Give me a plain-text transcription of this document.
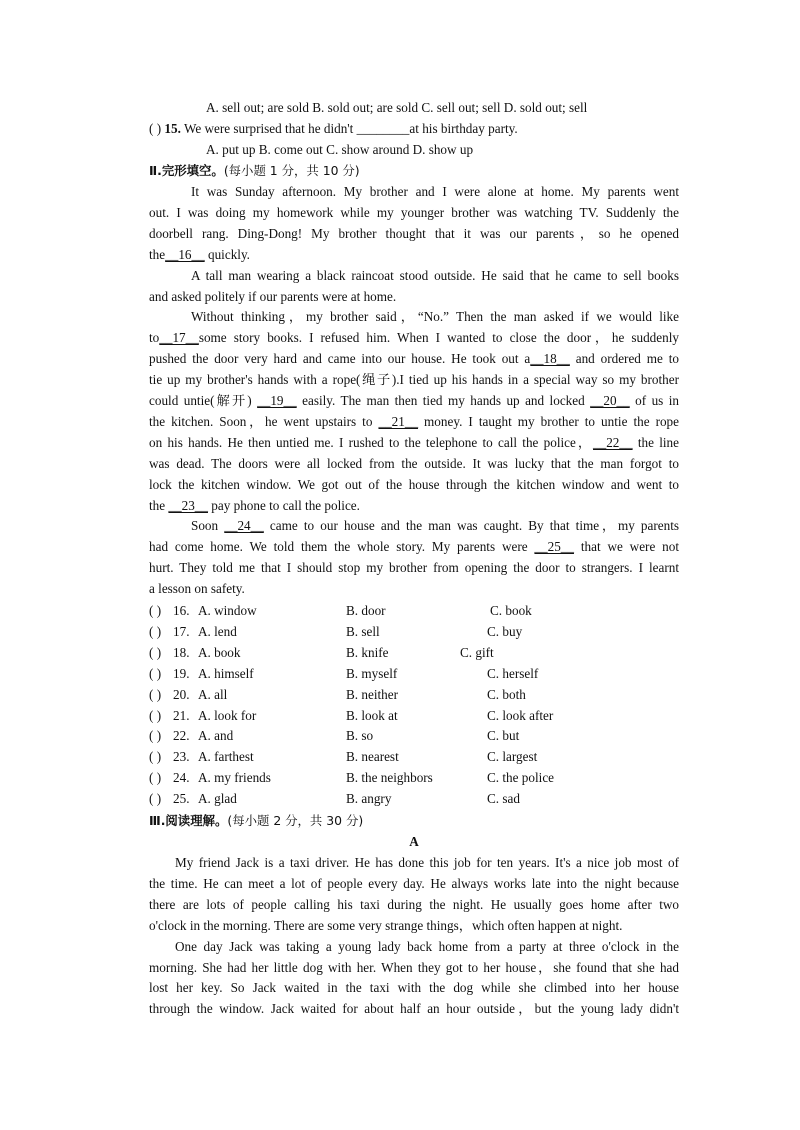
A. sell out; are sold B. sold out; are sold C. sell out; sell D. sold out; sell
( ) 15. We were surprised that he didn't ________at his birthday party.
A. put up B. come out C. show around D. show up
Ⅱ.完形填空。(每小题 1 分，共 10 分)
It was Sunday afternoon. My brother and I were alone at home. My parents went
out. I was doing my homework while my younger brother was watching TV. Suddenly the
doorbell rang. Ding-Dong! My brother thought that it was our parents，so he opened
the__16__ quickly.
A tall man wearing a black raincoat stood outside. He said that he came to sell books
and asked politely if our parents were at home.
Without thinking，my brother said，“No.” Then the man asked if we would like
to__17__some story books. I refused him. When I wanted to close the door，he suddenly
pushed the door very hard and came into our house. He took out a__18__ and ordered me to
tie up my brother's hands with a rope(绳子).I tied up his hands in a special way so my brother
could untie(解开) __19__ easily. The man then tied my hands up and locked __20__ of us in
the kitchen. Soon，he went upstairs to __21__ money. I taught my brother to untie the rope
on his hands. He then untied me. I rushed to the telephone to call the police，__22__ the line
was dead. The doors were all locked from the outside. It was lucky that the man forgot to
lock the kitchen window. We got out of the house through the kitchen window and went to
the __23__ pay phone to call the police.
Soon __24__ came to our house and the man was caught. By that time，my parents
had come home. We told them the whole story. My parents were __25__ that we were not
hurt. They told me that I should stop my brother from opening the door to strangers. I learnt
a lesson on safety.
( ) 16. A. window	B. door	C. book
( ) 17. A. lend	B. sell	C. buy
( ) 18. A. book	B. knife	C. gift
( ) 19. A. himself	B. myself	C. herself
( ) 20. A. all	B. neither	C. both
( ) 21. A. look for	B. look at	C. look after
( ) 22. A. and	B. so	C. but
( ) 23. A. farthest	B. nearest	C. largest
( ) 24. A. my friends	B. the neighbors	C. the police
( ) 25. A. glad	B. angry	C. sad
Ⅲ.阅读理解。(每小题 2 分，共 30 分)
A
My friend Jack is a taxi driver. He has done this job for ten years. It's a nice job most of
the time. He can meet a lot of people every day. He always works late into the night because
there are lots of people calling his taxi during the night. He usually goes home after two
o'clock in the morning. There are some very strange things，which often happen at night.
One day Jack was taking a young lady back home from a party at three o'clock in the
morning. She had her little dog with her. When they got to her house，she found that she had
lost her key. So Jack waited in the taxi with the dog while she climbed into her house
through the window. Jack waited for about half an hour outside，but the young lady didn't
